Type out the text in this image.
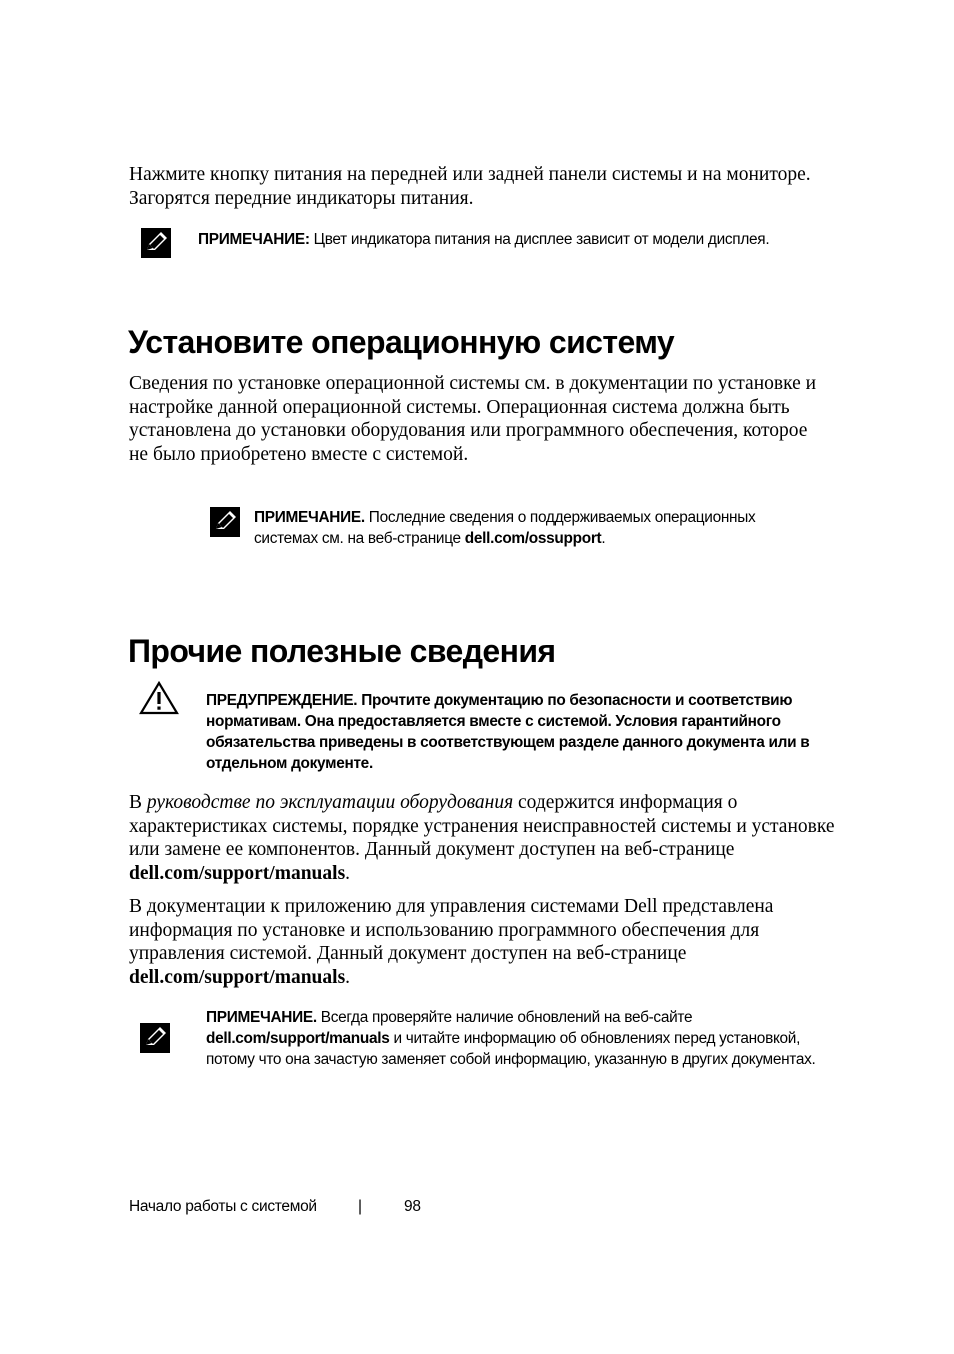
Нажмите кнопку питания на передней или задней панели системы и на мониторе. Загорятся передние индикаторы питания.

ПРИМЕЧАНИЕ: Цвет индикатора питания на дисплее зависит от модели дисплея.

Установите операционную систему

Сведения по установке операционной системы см. в документации по установке и настройке данной операционной системы. Операционная система должна быть установлена до установки оборудования или программного обеспечения, которое не было приобретено вместе с системой.

ПРИМЕЧАНИЕ. Последние сведения о поддерживаемых операционных системах см. на веб-странице dell.com/ossupport.

Прочие полезные сведения

ПРЕДУПРЕЖДЕНИЕ. Прочтите документацию по безопасности и соответствию нормативам. Она предоставляется вместе с системой. Условия гарантийного обязательства приведены в соответствующем разделе данного документа или в отдельном документе.

В руководстве по эксплуатации оборудования содержится информация о характеристиках системы, порядке устранения неисправностей системы и установке или замене ее компонентов. Данный документ доступен на веб-странице dell.com/support/manuals.

В документации к приложению для управления системами Dell представлена информация по установке и использованию программного обеспечения для управления системой. Данный документ доступен на веб-странице dell.com/support/manuals.

ПРИМЕЧАНИЕ. Всегда проверяйте наличие обновлений на веб-сайте dell.com/support/manuals и читайте информацию об обновлениях перед установкой, потому что она зачастую заменяет собой информацию, указанную в других документах.

Начало работы с системой	|	98
